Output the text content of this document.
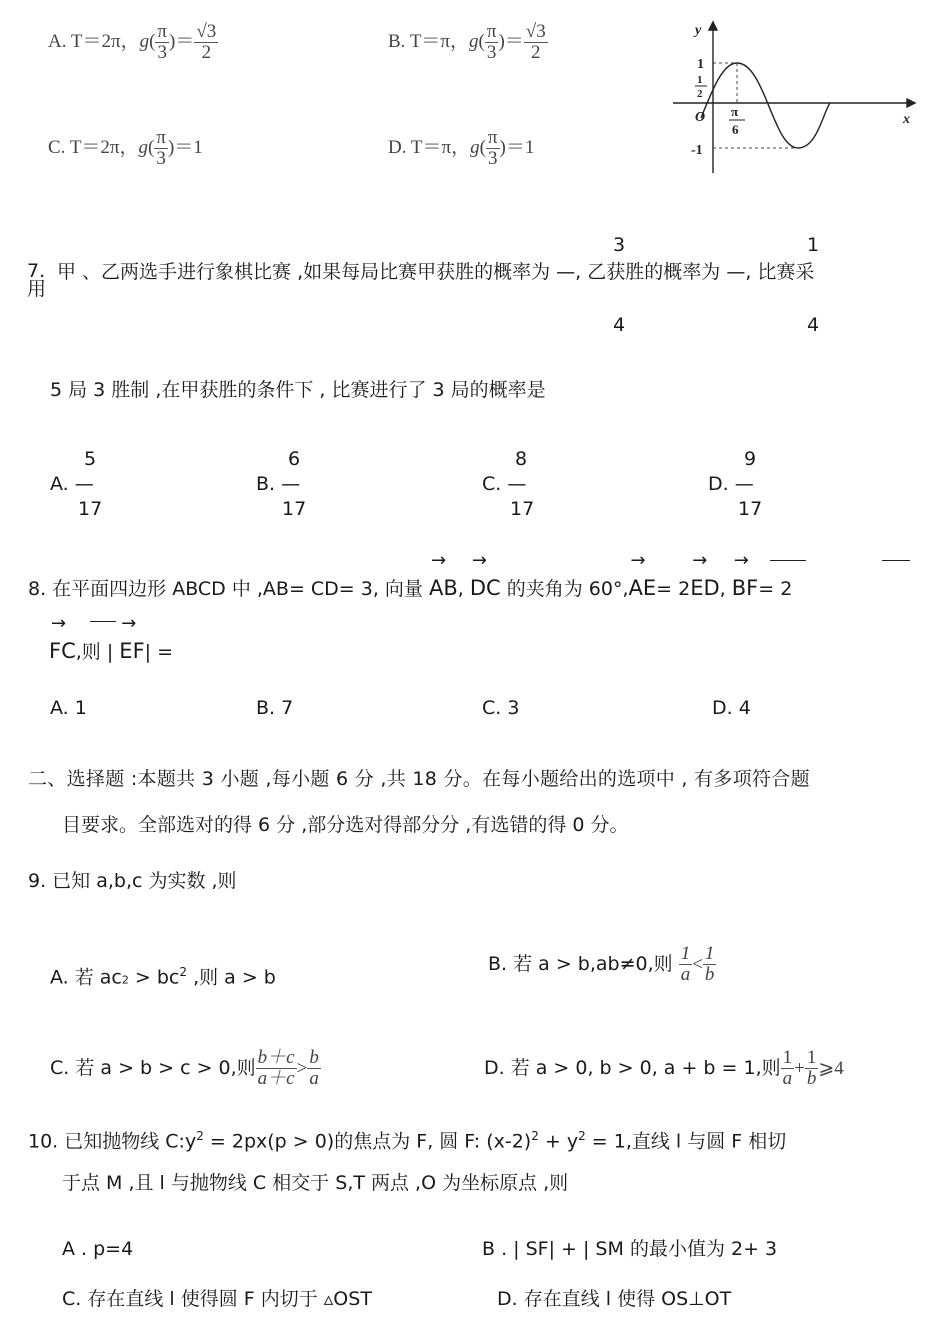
A. T＝2π，$g( \frac{\pi}{3}$ )＝ $\frac{√3}{2}$	B. T＝π，$g( \frac{\pi}{3}$ )＝ $\frac{√3}{2}$
C. T＝2π，$g( \frac{\pi}{3} )=1$	D. T＝π，$g( \frac{\pi}{3} )=1$
y
x
O
1
1
2
-1
π
6
3	1
7.
用
甲 、乙两选手进行象棋比赛 ,如果每局比赛甲获胜的概率为 —, 乙获胜的概率为 —, 比赛采
4	4
5 局 3 胜制 ,在甲获胜的条件下 , 比赛进行了 3 局的概率是
5
A. —
17
6
B. —
17
8
C. —
17
9
D. —
17
8. 在平面四边形 ABCD 中 ,AB= CD= 3, 向量 → AB, → DC 的夹角为 60°,→ AE= 2→ ED, → BF= 2
→ FC,则 | → EF| =
A. 1	B. 7	C. 3	D. 4
二、选择题 :本题共 3 小题 ,每小题 6 分 ,共 18 分。在每小题给出的选项中 , 有多项符合题
目要求。全部选对的得 6 分 ,部分选对得部分分 ,有选错的得 0 分。
9. 已知 a,b,c 为实数 ,则
A. 若 $ac2 > bc^2$ ,则 a > b
B. 若 a > b,ab≠0,则 $\frac{1}{a} < \frac{1}{b}$
C. 若 a > b > c > 0,则 $\frac{b+c}{a+c} > \frac{b}{a}$	D. 若 a > 0, b > 0, a + b = 1,则 $\frac{1}{a} + \frac{1}{b}$ ⩾4
10. 已知抛物线 $C:y^2 = 2px(p > 0)$的焦点为 F, 圆 F: $(x-2)^2 + y^2 = 1$,直线 l 与圆 F 相切
于点 M ,且 l 与抛物线 C 相交于 S,T 两点 ,O 为坐标原点 ,则
A . p=4	B . | SF| + | SM 的最小值为 2+ 3
C. 存在直线 l 使得圆 F 内切于 ▵OST	D. 存在直线 l 使得 OS⊥OT
